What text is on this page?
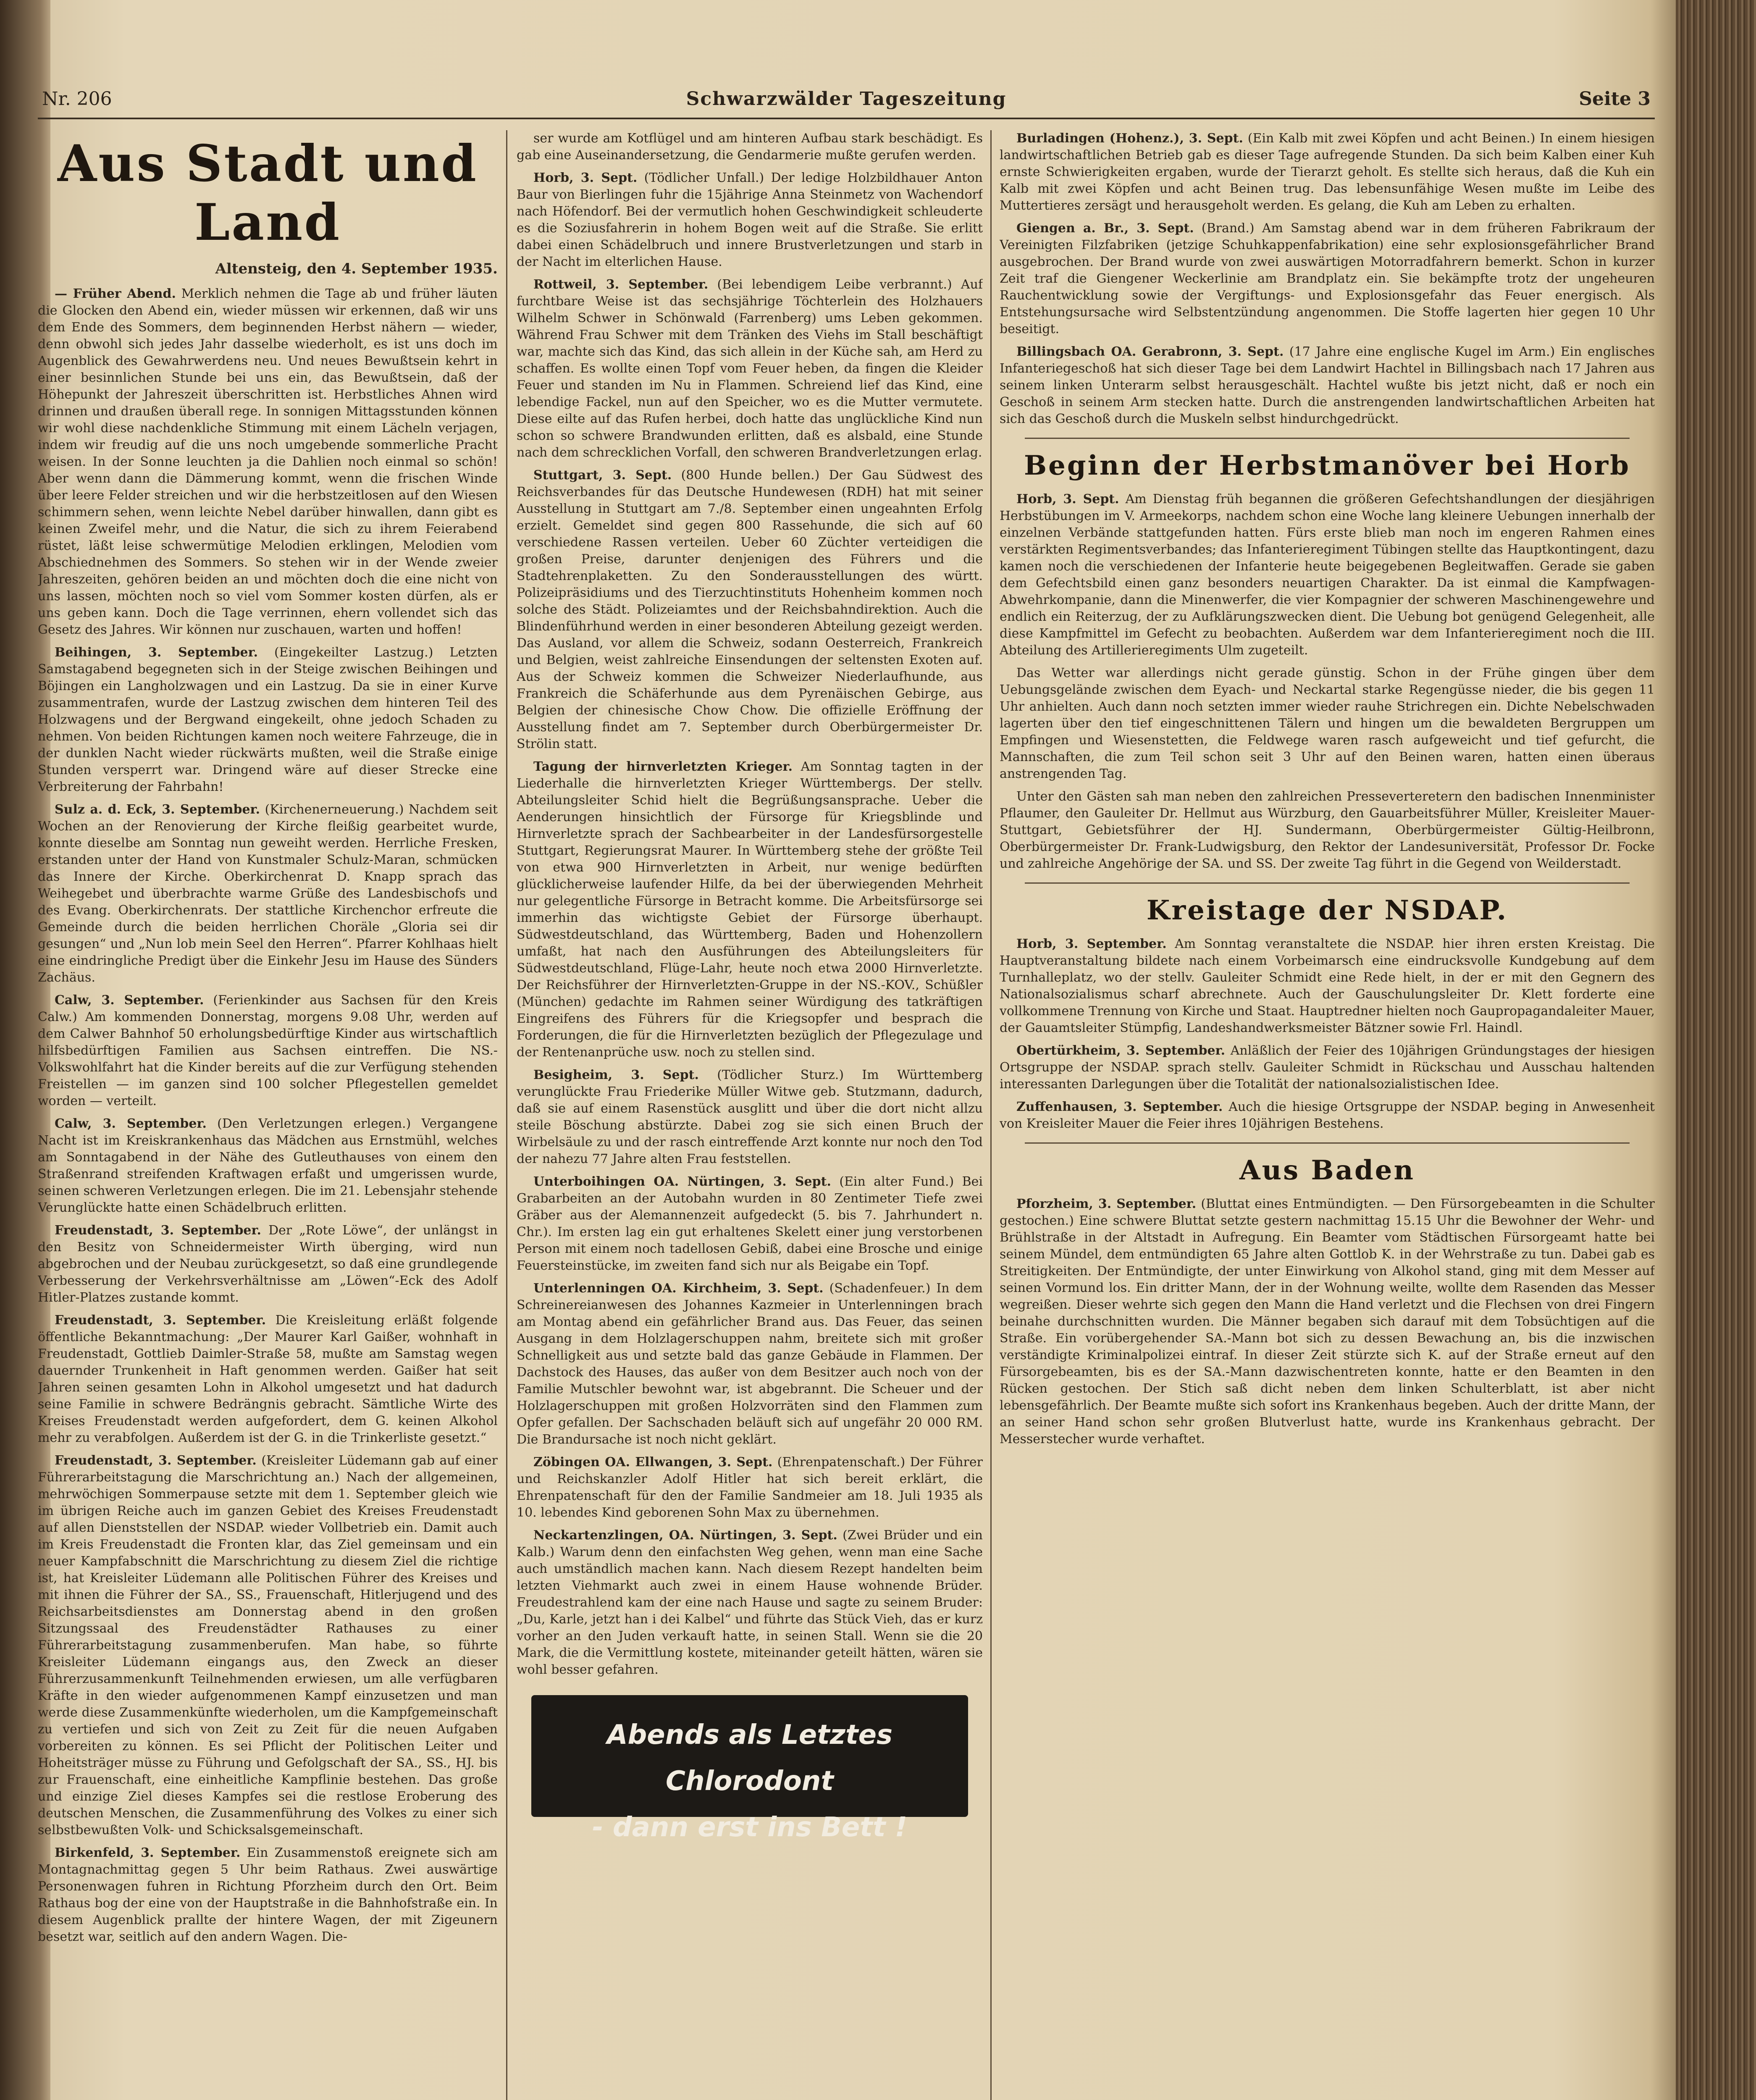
Nr. 206	Schwarzwälder Tageszeitung	Seite 3
Aus Stadt und Land
Altensteig, den 4. September 1935.

— Früher Abend. Merklich nehmen die Tage ab und früher läuten die Glocken den Abend ein, wieder müssen wir erkennen, daß wir uns dem Ende des Sommers, dem beginnenden Herbst nähern — wieder, denn obwohl sich jedes Jahr dasselbe wiederholt, es ist uns doch im Augenblick des Gewahrwerdens neu. Und neues Bewußtsein kehrt in einer besinnlichen Stunde bei uns ein, das Bewußtsein, daß der Höhepunkt der Jahreszeit überschritten ist. Herbstliches Ahnen wird drinnen und draußen überall rege. In sonnigen Mittagsstunden können wir wohl diese nachdenkliche Stimmung mit einem Lächeln verjagen, indem wir freudig auf die uns noch umgebende sommerliche Pracht weisen. In der Sonne leuchten ja die Dahlien noch einmal so schön! Aber wenn dann die Dämmerung kommt, wenn die frischen Winde über leere Felder streichen und wir die herbstzeitlosen auf den Wiesen schimmern sehen, wenn leichte Nebel darüber hinwallen, dann gibt es keinen Zweifel mehr, und die Natur, die sich zu ihrem Feierabend rüstet, läßt leise schwermütige Melodien erklingen, Melodien vom Abschiednehmen des Sommers. So stehen wir in der Wende zweier Jahreszeiten, gehören beiden an und möchten doch die eine nicht von uns lassen, möchten noch so viel vom Sommer kosten dürfen, als er uns geben kann. Doch die Tage verrinnen, ehern vollendet sich das Gesetz des Jahres. Wir können nur zuschauen, warten und hoffen!

Beihingen, 3. September. (Eingekeilter Lastzug.) Letzten Samstagabend begegneten sich in der Steige zwischen Beihingen und Böjingen ein Langholzwagen und ein Lastzug. Da sie in einer Kurve zusammentrafen, wurde der Lastzug zwischen dem hinteren Teil des Holzwagens und der Bergwand eingekeilt, ohne jedoch Schaden zu nehmen. Von beiden Richtungen kamen noch weitere Fahrzeuge, die in der dunklen Nacht wieder rückwärts mußten, weil die Straße einige Stunden versperrt war. Dringend wäre auf dieser Strecke eine Verbreiterung der Fahrbahn!

Sulz a. d. Eck, 3. September. (Kirchenerneuerung.) Nachdem seit Wochen an der Renovierung der Kirche fleißig gearbeitet wurde, konnte dieselbe am Sonntag nun geweiht werden. Herrliche Fresken, erstanden unter der Hand von Kunstmaler Schulz-Maran, schmücken das Innere der Kirche. Oberkirchenrat D. Knapp sprach das Weihegebet und überbrachte warme Grüße des Landesbischofs und des Evang. Oberkirchenrats. Der stattliche Kirchenchor erfreute die Gemeinde durch die beiden herrlichen Choräle „Gloria sei dir gesungen“ und „Nun lob mein Seel den Herren“. Pfarrer Kohlhaas hielt eine eindringliche Predigt über die Einkehr Jesu im Hause des Sünders Zachäus.

Calw, 3. September. (Ferienkinder aus Sachsen für den Kreis Calw.) Am kommenden Donnerstag, morgens 9.08 Uhr, werden auf dem Calwer Bahnhof 50 erholungsbedürftige Kinder aus wirtschaftlich hilfsbedürftigen Familien aus Sachsen eintreffen. Die NS.-Volkswohlfahrt hat die Kinder bereits auf die zur Verfügung stehenden Freistellen — im ganzen sind 100 solcher Pflegestellen gemeldet worden — verteilt.

Calw, 3. September. (Den Verletzungen erlegen.) Vergangene Nacht ist im Kreiskrankenhaus das Mädchen aus Ernstmühl, welches am Sonntagabend in der Nähe des Gutleuthauses von einem den Straßenrand streifenden Kraftwagen erfaßt und umgerissen wurde, seinen schweren Verletzungen erlegen. Die im 21. Lebensjahr stehende Verunglückte hatte einen Schädelbruch erlitten.

Freudenstadt, 3. September. Der „Rote Löwe“, der unlängst in den Besitz von Schneidermeister Wirth überging, wird nun abgebrochen und der Neubau zurückgesetzt, so daß eine grundlegende Verbesserung der Verkehrsverhältnisse am „Löwen“-Eck des Adolf Hitler-Platzes zustande kommt.

Freudenstadt, 3. September. Die Kreisleitung erläßt folgende öffentliche Bekanntmachung: „Der Maurer Karl Gaißer, wohnhaft in Freudenstadt, Gottlieb Daimler-Straße 58, mußte am Samstag wegen dauernder Trunkenheit in Haft genommen werden. Gaißer hat seit Jahren seinen gesamten Lohn in Alkohol umgesetzt und hat dadurch seine Familie in schwere Bedrängnis gebracht. Sämtliche Wirte des Kreises Freudenstadt werden aufgefordert, dem G. keinen Alkohol mehr zu verabfolgen. Außerdem ist der G. in die Trinkerliste gesetzt.“

Freudenstadt, 3. September. (Kreisleiter Lüdemann gab auf einer Führerarbeitstagung die Marschrichtung an.) Nach der allgemeinen, mehrwöchigen Sommerpause setzte mit dem 1. September gleich wie im übrigen Reiche auch im ganzen Gebiet des Kreises Freudenstadt auf allen Dienststellen der NSDAP. wieder Vollbetrieb ein. Damit auch im Kreis Freudenstadt die Fronten klar, das Ziel gemeinsam und ein neuer Kampfabschnitt die Marschrichtung zu diesem Ziel die richtige ist, hat Kreisleiter Lüdemann alle Politischen Führer des Kreises und mit ihnen die Führer der SA., SS., Frauenschaft, Hitlerjugend und des Reichsarbeitsdienstes am Donnerstag abend in den großen Sitzungssaal des Freudenstädter Rathauses zu einer Führerarbeitstagung zusammenberufen. Man habe, so führte Kreisleiter Lüdemann eingangs aus, den Zweck an dieser Führerzusammenkunft Teilnehmenden erwiesen, um alle verfügbaren Kräfte in den wieder aufgenommenen Kampf einzusetzen und man werde diese Zusammenkünfte wiederholen, um die Kampfgemeinschaft zu vertiefen und sich von Zeit zu Zeit für die neuen Aufgaben vorbereiten zu können. Es sei Pflicht der Politischen Leiter und Hoheitsträger müsse zu Führung und Gefolgschaft der SA., SS., HJ. bis zur Frauenschaft, eine einheitliche Kampflinie bestehen. Das große und einzige Ziel dieses Kampfes sei die restlose Eroberung des deutschen Menschen, die Zusammenführung des Volkes zu einer sich selbstbewußten Volk- und Schicksalsgemeinschaft.

Birkenfeld, 3. September. Ein Zusammenstoß ereignete sich am Montagnachmittag gegen 5 Uhr beim Rathaus. Zwei auswärtige Personenwagen fuhren in Richtung Pforzheim durch den Ort. Beim Rathaus bog der eine von der Hauptstraße in die Bahnhofstraße ein. In diesem Augenblick prallte der hintere Wagen, der mit Zigeunern besetzt war, seitlich auf den andern Wagen. Die-

ser wurde am Kotflügel und am hinteren Aufbau stark beschädigt. Es gab eine Auseinandersetzung, die Gendarmerie mußte gerufen werden.

Horb, 3. Sept. (Tödlicher Unfall.) Der ledige Holzbildhauer Anton Baur von Bierlingen fuhr die 15jährige Anna Steinmetz von Wachendorf nach Höfendorf. Bei der vermutlich hohen Geschwindigkeit schleuderte es die Soziusfahrerin in hohem Bogen weit auf die Straße. Sie erlitt dabei einen Schädelbruch und innere Brustverletzungen und starb in der Nacht im elterlichen Hause.

Rottweil, 3. September. (Bei lebendigem Leibe verbrannt.) Auf furchtbare Weise ist das sechsjährige Töchterlein des Holzhauers Wilhelm Schwer in Schönwald (Farrenberg) ums Leben gekommen. Während Frau Schwer mit dem Tränken des Viehs im Stall beschäftigt war, machte sich das Kind, das sich allein in der Küche sah, am Herd zu schaffen. Es wollte einen Topf vom Feuer heben, da fingen die Kleider Feuer und standen im Nu in Flammen. Schreiend lief das Kind, eine lebendige Fackel, nun auf den Speicher, wo es die Mutter vermutete. Diese eilte auf das Rufen herbei, doch hatte das unglückliche Kind nun schon so schwere Brandwunden erlitten, daß es alsbald, eine Stunde nach dem schrecklichen Vorfall, den schweren Brandverletzungen erlag.

Stuttgart, 3. Sept. (800 Hunde bellen.) Der Gau Südwest des Reichsverbandes für das Deutsche Hundewesen (RDH) hat mit seiner Ausstellung in Stuttgart am 7./8. September einen ungeahnten Erfolg erzielt. Gemeldet sind gegen 800 Rassehunde, die sich auf 60 verschiedene Rassen verteilen. Ueber 60 Züchter verteidigen die großen Preise, darunter denjenigen des Führers und die Stadtehrenplaketten. Zu den Sonderausstellungen des württ. Polizeipräsidiums und des Tierzuchtinstituts Hohenheim kommen noch solche des Städt. Polizeiamtes und der Reichsbahndirektion. Auch die Blindenführhund werden in einer besonderen Abteilung gezeigt werden. Das Ausland, vor allem die Schweiz, sodann Oesterreich, Frankreich und Belgien, weist zahlreiche Einsendungen der seltensten Exoten auf. Aus der Schweiz kommen die Schweizer Niederlaufhunde, aus Frankreich die Schäferhunde aus dem Pyrenäischen Gebirge, aus Belgien der chinesische Chow Chow. Die offizielle Eröffnung der Ausstellung findet am 7. September durch Oberbürgermeister Dr. Strölin statt.

Tagung der hirnverletzten Krieger. Am Sonntag tagten in der Liederhalle die hirnverletzten Krieger Württembergs. Der stellv. Abteilungsleiter Schid hielt die Begrüßungsansprache. Ueber die Aenderungen hinsichtlich der Fürsorge für Kriegsblinde und Hirnverletzte sprach der Sachbearbeiter in der Landesfürsorgestelle Stuttgart, Regierungsrat Maurer. In Württemberg stehe der größte Teil von etwa 900 Hirnverletzten in Arbeit, nur wenige bedürften glücklicherweise laufender Hilfe, da bei der überwiegenden Mehrheit nur gelegentliche Fürsorge in Betracht komme. Die Arbeitsfürsorge sei immerhin das wichtigste Gebiet der Fürsorge überhaupt. Südwestdeutschland, das Württemberg, Baden und Hohenzollern umfaßt, hat nach den Ausführungen des Abteilungsleiters für Südwestdeutschland, Flüge-Lahr, heute noch etwa 2000 Hirnverletzte. Der Reichsführer der Hirnverletzten-Gruppe in der NS.-KOV., Schüßler (München) gedachte im Rahmen seiner Würdigung des tatkräftigen Eingreifens des Führers für die Kriegsopfer und besprach die Forderungen, die für die Hirnverletzten bezüglich der Pflegezulage und der Rentenanprüche usw. noch zu stellen sind.

Besigheim, 3. Sept. (Tödlicher Sturz.) Im Württemberg verunglückte Frau Friederike Müller Witwe geb. Stutzmann, dadurch, daß sie auf einem Rasenstück ausglitt und über die dort nicht allzu steile Böschung abstürzte. Dabei zog sie sich einen Bruch der Wirbelsäule zu und der rasch eintreffende Arzt konnte nur noch den Tod der nahezu 77 Jahre alten Frau feststellen.

Unterboihingen OA. Nürtingen, 3. Sept. (Ein alter Fund.) Bei Grabarbeiten an der Autobahn wurden in 80 Zentimeter Tiefe zwei Gräber aus der Alemannenzeit aufgedeckt (5. bis 7. Jahrhundert n. Chr.). Im ersten lag ein gut erhaltenes Skelett einer jung verstorbenen Person mit einem noch tadellosen Gebiß, dabei eine Brosche und einige Feuersteinstücke, im zweiten fand sich nur als Beigabe ein Topf.

Unterlenningen OA. Kirchheim, 3. Sept. (Schadenfeuer.) In dem Schreinereianwesen des Johannes Kazmeier in Unterlenningen brach am Montag abend ein gefährlicher Brand aus. Das Feuer, das seinen Ausgang in dem Holzlagerschuppen nahm, breitete sich mit großer Schnelligkeit aus und setzte bald das ganze Gebäude in Flammen. Der Dachstock des Hauses, das außer von dem Besitzer auch noch von der Familie Mutschler bewohnt war, ist abgebrannt. Die Scheuer und der Holzlagerschuppen mit großen Holzvorräten sind den Flammen zum Opfer gefallen. Der Sachschaden beläuft sich auf ungefähr 20 000 RM. Die Brandursache ist noch nicht geklärt.

Zöbingen OA. Ellwangen, 3. Sept. (Ehrenpatenschaft.) Der Führer und Reichskanzler Adolf Hitler hat sich bereit erklärt, die Ehrenpatenschaft für den der Familie Sandmeier am 18. Juli 1935 als 10. lebendes Kind geborenen Sohn Max zu übernehmen.

Neckartenzlingen, OA. Nürtingen, 3. Sept. (Zwei Brüder und ein Kalb.) Warum denn den einfachsten Weg gehen, wenn man eine Sache auch umständlich machen kann. Nach diesem Rezept handelten beim letzten Viehmarkt auch zwei in einem Hause wohnende Brüder. Freudestrahlend kam der eine nach Hause und sagte zu seinem Bruder: „Du, Karle, jetzt han i dei Kalbel“ und führte das Stück Vieh, das er kurz vorher an den Juden verkauft hatte, in seinen Stall. Wenn sie die 20 Mark, die die Vermittlung kostete, miteinander geteilt hätten, wären sie wohl besser gefahren.

Abends als Letztes Chlorodont
- dann erst ins Bett !

Burladingen (Hohenz.), 3. Sept. (Ein Kalb mit zwei Köpfen und acht Beinen.) In einem hiesigen landwirtschaftlichen Betrieb gab es dieser Tage aufregende Stunden. Da sich beim Kalben einer Kuh ernste Schwierigkeiten ergaben, wurde der Tierarzt geholt. Es stellte sich heraus, daß die Kuh ein Kalb mit zwei Köpfen und acht Beinen trug. Das lebensunfähige Wesen mußte im Leibe des Muttertieres zersägt und herausgeholt werden. Es gelang, die Kuh am Leben zu erhalten.

Giengen a. Br., 3. Sept. (Brand.) Am Samstag abend war in dem früheren Fabrikraum der Vereinigten Filzfabriken (jetzige Schuhkappenfabrikation) eine sehr explosionsgefährlicher Brand ausgebrochen. Der Brand wurde von zwei auswärtigen Motorradfahrern bemerkt. Schon in kurzer Zeit traf die Giengener Weckerlinie am Brandplatz ein. Sie bekämpfte trotz der ungeheuren Rauchentwicklung sowie der Vergiftungs- und Explosionsgefahr das Feuer energisch. Als Entstehungsursache wird Selbstentzündung angenommen. Die Stoffe lagerten hier gegen 10 Uhr beseitigt.

Billingsbach OA. Gerabronn, 3. Sept. (17 Jahre eine englische Kugel im Arm.) Ein englisches Infanteriegeschoß hat sich dieser Tage bei dem Landwirt Hachtel in Billingsbach nach 17 Jahren aus seinem linken Unterarm selbst herausgeschält. Hachtel wußte bis jetzt nicht, daß er noch ein Geschoß in seinem Arm stecken hatte. Durch die anstrengenden landwirtschaftlichen Arbeiten hat sich das Geschoß durch die Muskeln selbst hindurchgedrückt.

Beginn der Herbstmanöver bei Horb

Horb, 3. Sept. Am Dienstag früh begannen die größeren Gefechtshandlungen der diesjährigen Herbstübungen im V. Armeekorps, nachdem schon eine Woche lang kleinere Uebungen innerhalb der einzelnen Verbände stattgefunden hatten. Fürs erste blieb man noch im engeren Rahmen eines verstärkten Regimentsverbandes; das Infanterieregiment Tübingen stellte das Hauptkontingent, dazu kamen noch die verschiedenen der Infanterie heute beigegebenen Begleitwaffen. Gerade sie gaben dem Gefechtsbild einen ganz besonders neuartigen Charakter. Da ist einmal die Kampfwagen-Abwehrkompanie, dann die Minenwerfer, die vier Kompagnier der schweren Maschinengewehre und endlich ein Reiterzug, der zu Aufklärungszwecken dient. Die Uebung bot genügend Gelegenheit, alle diese Kampfmittel im Gefecht zu beobachten. Außerdem war dem Infanterieregiment noch die III. Abteilung des Artillerieregiments Ulm zugeteilt.

Das Wetter war allerdings nicht gerade günstig. Schon in der Frühe gingen über dem Uebungsgelände zwischen dem Eyach- und Neckartal starke Regengüsse nieder, die bis gegen 11 Uhr anhielten. Auch dann noch setzten immer wieder rauhe Strichregen ein. Dichte Nebelschwaden lagerten über den tief eingeschnittenen Tälern und hingen um die bewaldeten Bergruppen um Empfingen und Wiesenstetten, die Feldwege waren rasch aufgeweicht und tief gefurcht, die Mannschaften, die zum Teil schon seit 3 Uhr auf den Beinen waren, hatten einen überaus anstrengenden Tag.

Unter den Gästen sah man neben den zahlreichen Presseverteretern den badischen Innenminister Pflaumer, den Gauleiter Dr. Hellmut aus Würzburg, den Gauarbeitsführer Müller, Kreisleiter Mauer-Stuttgart, Gebietsführer der HJ. Sundermann, Oberbürgermeister Gültig-Heilbronn, Oberbürgermeister Dr. Frank-Ludwigsburg, den Rektor der Landesuniversität, Professor Dr. Focke und zahlreiche Angehörige der SA. und SS. Der zweite Tag führt in die Gegend von Weilderstadt.

Kreistage der NSDAP.

Horb, 3. September. Am Sonntag veranstaltete die NSDAP. hier ihren ersten Kreistag. Die Hauptveranstaltung bildete nach einem Vorbeimarsch eine eindrucksvolle Kundgebung auf dem Turnhalleplatz, wo der stellv. Gauleiter Schmidt eine Rede hielt, in der er mit den Gegnern des Nationalsozialismus scharf abrechnete. Auch der Gauschulungsleiter Dr. Klett forderte eine vollkommene Trennung von Kirche und Staat. Hauptredner hielten noch Gaupropagandaleiter Mauer, der Gauamtsleiter Stümpfig, Landeshandwerksmeister Bätzner sowie Frl. Haindl.

Obertürkheim, 3. September. Anläßlich der Feier des 10jährigen Gründungstages der hiesigen Ortsgruppe der NSDAP. sprach stellv. Gauleiter Schmidt in Rückschau und Ausschau haltenden interessanten Darlegungen über die Totalität der nationalsozialistischen Idee.

Zuffenhausen, 3. September. Auch die hiesige Ortsgruppe der NSDAP. beging in Anwesenheit von Kreisleiter Mauer die Feier ihres 10jährigen Bestehens.

Aus Baden

Pforzheim, 3. September. (Bluttat eines Entmündigten. — Den Fürsorgebeamten in die Schulter gestochen.) Eine schwere Bluttat setzte gestern nachmittag 15.15 Uhr die Bewohner der Wehr- und Brühlstraße in der Altstadt in Aufregung. Ein Beamter vom Städtischen Fürsorgeamt hatte bei seinem Mündel, dem entmündigten 65 Jahre alten Gottlob K. in der Wehrstraße zu tun. Dabei gab es Streitigkeiten. Der Entmündigte, der unter Einwirkung von Alkohol stand, ging mit dem Messer auf seinen Vormund los. Ein dritter Mann, der in der Wohnung weilte, wollte dem Rasenden das Messer wegreißen. Dieser wehrte sich gegen den Mann die Hand verletzt und die Flechsen von drei Fingern beinahe durchschnitten wurden. Die Männer begaben sich darauf mit dem Tobsüchtigen auf die Straße. Ein vorübergehender SA.-Mann bot sich zu dessen Bewachung an, bis die inzwischen verständigte Kriminalpolizei eintraf. In dieser Zeit stürzte sich K. auf der Straße erneut auf den Fürsorgebeamten, bis es der SA.-Mann dazwischentreten konnte, hatte er den Beamten in den Rücken gestochen. Der Stich saß dicht neben dem linken Schulterblatt, ist aber nicht lebensgefährlich. Der Beamte mußte sich sofort ins Krankenhaus begeben. Auch der dritte Mann, der an seiner Hand schon sehr großen Blutverlust hatte, wurde ins Krankenhaus gebracht. Der Messerstecher wurde verhaftet.
